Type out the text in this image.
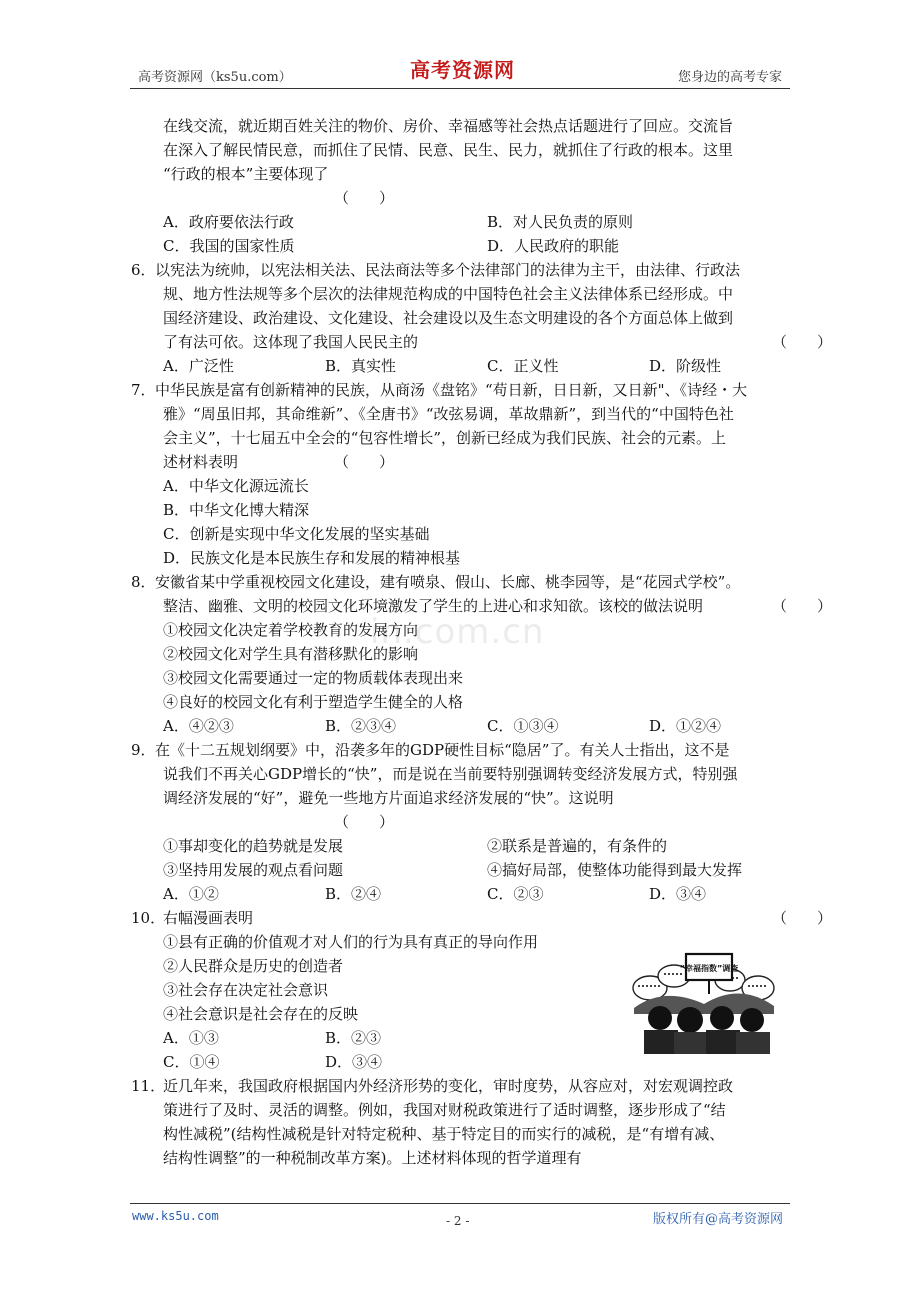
高考资源网（ks5u.com）	高考资源网	您身边的高考专家
in.com.cn
在线交流，就近期百姓关注的物价、房价、幸福感等社会热点话题进行了回应。交流旨
在深入了解民情民意，而抓住了民情、民意、民生、民力，就抓住了行政的根本。这里
“行政的根本”主要体现了
（　　）
A．政府要依法行政	B．对人民负责的原则
C．我国的国家性质	D．人民政府的职能
6． 以宪法为统帅，以宪法相关法、民法商法等多个法律部门的法律为主干，由法律、行政法
规、地方性法规等多个层次的法律规范构成的中国特色社会主义法律体系已经形成。中
国经济建设、政治建设、文化建设、社会建设以及生态文明建设的各个方面总体上做到
了有法可依。这体现了我国人民民主的	（　　）
A．广泛性	B．真实性	C．正义性	D．阶级性
7． 中华民族是富有创新精神的民族，从商汤《盘铭》“苟日新，日日新，又日新"、《诗经・大
雅》“周虽旧邦，其命维新”、《全唐书》“改弦易调，革故鼎新”，到当代的“中国特色社
会主义”，十七届五中全会的“包容性增长”，创新已经成为我们民族、社会的元素。上
述材料表明	（　　）
A．中华文化源远流长
B．中华文化博大精深
C．创新是实现中华文化发展的坚实基础
D．民族文化是本民族生存和发展的精神根基
8． 安徽省某中学重视校园文化建设，建有喷泉、假山、长廊、桃李园等，是“花园式学校”。
整洁、幽雅、文明的校园文化环境激发了学生的上进心和求知欲。该校的做法说明	（　　）
①校园文化决定着学校教育的发展方向
②校园文化对学生具有潜移默化的影响
③校园文化需要通过一定的物质载体表现出来
④良好的校园文化有利于塑造学生健全的人格
A．④②③	B．②③④	C．①③④	D．①②④
9． 在《十二五规划纲要》中，沿袭多年的GDP硬性目标“隐居”了。有关人士指出，这不是
说我们不再关心GDP增长的“快”，而是说在当前要特别强调转变经济发展方式，特别强
调经济发展的“好”，避免一些地方片面追求经济发展的“快”。这说明
（　　）
①事却变化的趋势就是发展	②联系是普遍的，有条件的
③坚持用发展的观点看问题	④搞好局部，使整体功能得到最大发挥
A．①②	B．②④	C．②③	D．③④
10．
右幅漫画表明	（　　）
①县有正确的价值观才对人们的行为具有真正的导向作用
②人民群众是历史的创造者
③社会存在决定社会意识
④社会意识是社会存在的反映
A．①③	B．②③
C．①④	D．③④
“幸福指数”调查
11．
近几年来，我国政府根据国内外经济形势的变化，审时度势，从容应对，对宏观调控政
策进行了及时、灵活的调整。例如，我国对财税政策进行了适时调整，逐步形成了“结
构性减税”(结构性减税是针对特定税种、基于特定目的而实行的减税，是“有增有减、
结构性调整”的一种税制改革方案)。上述材料体现的哲学道理有
www.ks5u.com	- 2 -	版权所有@高考资源网
